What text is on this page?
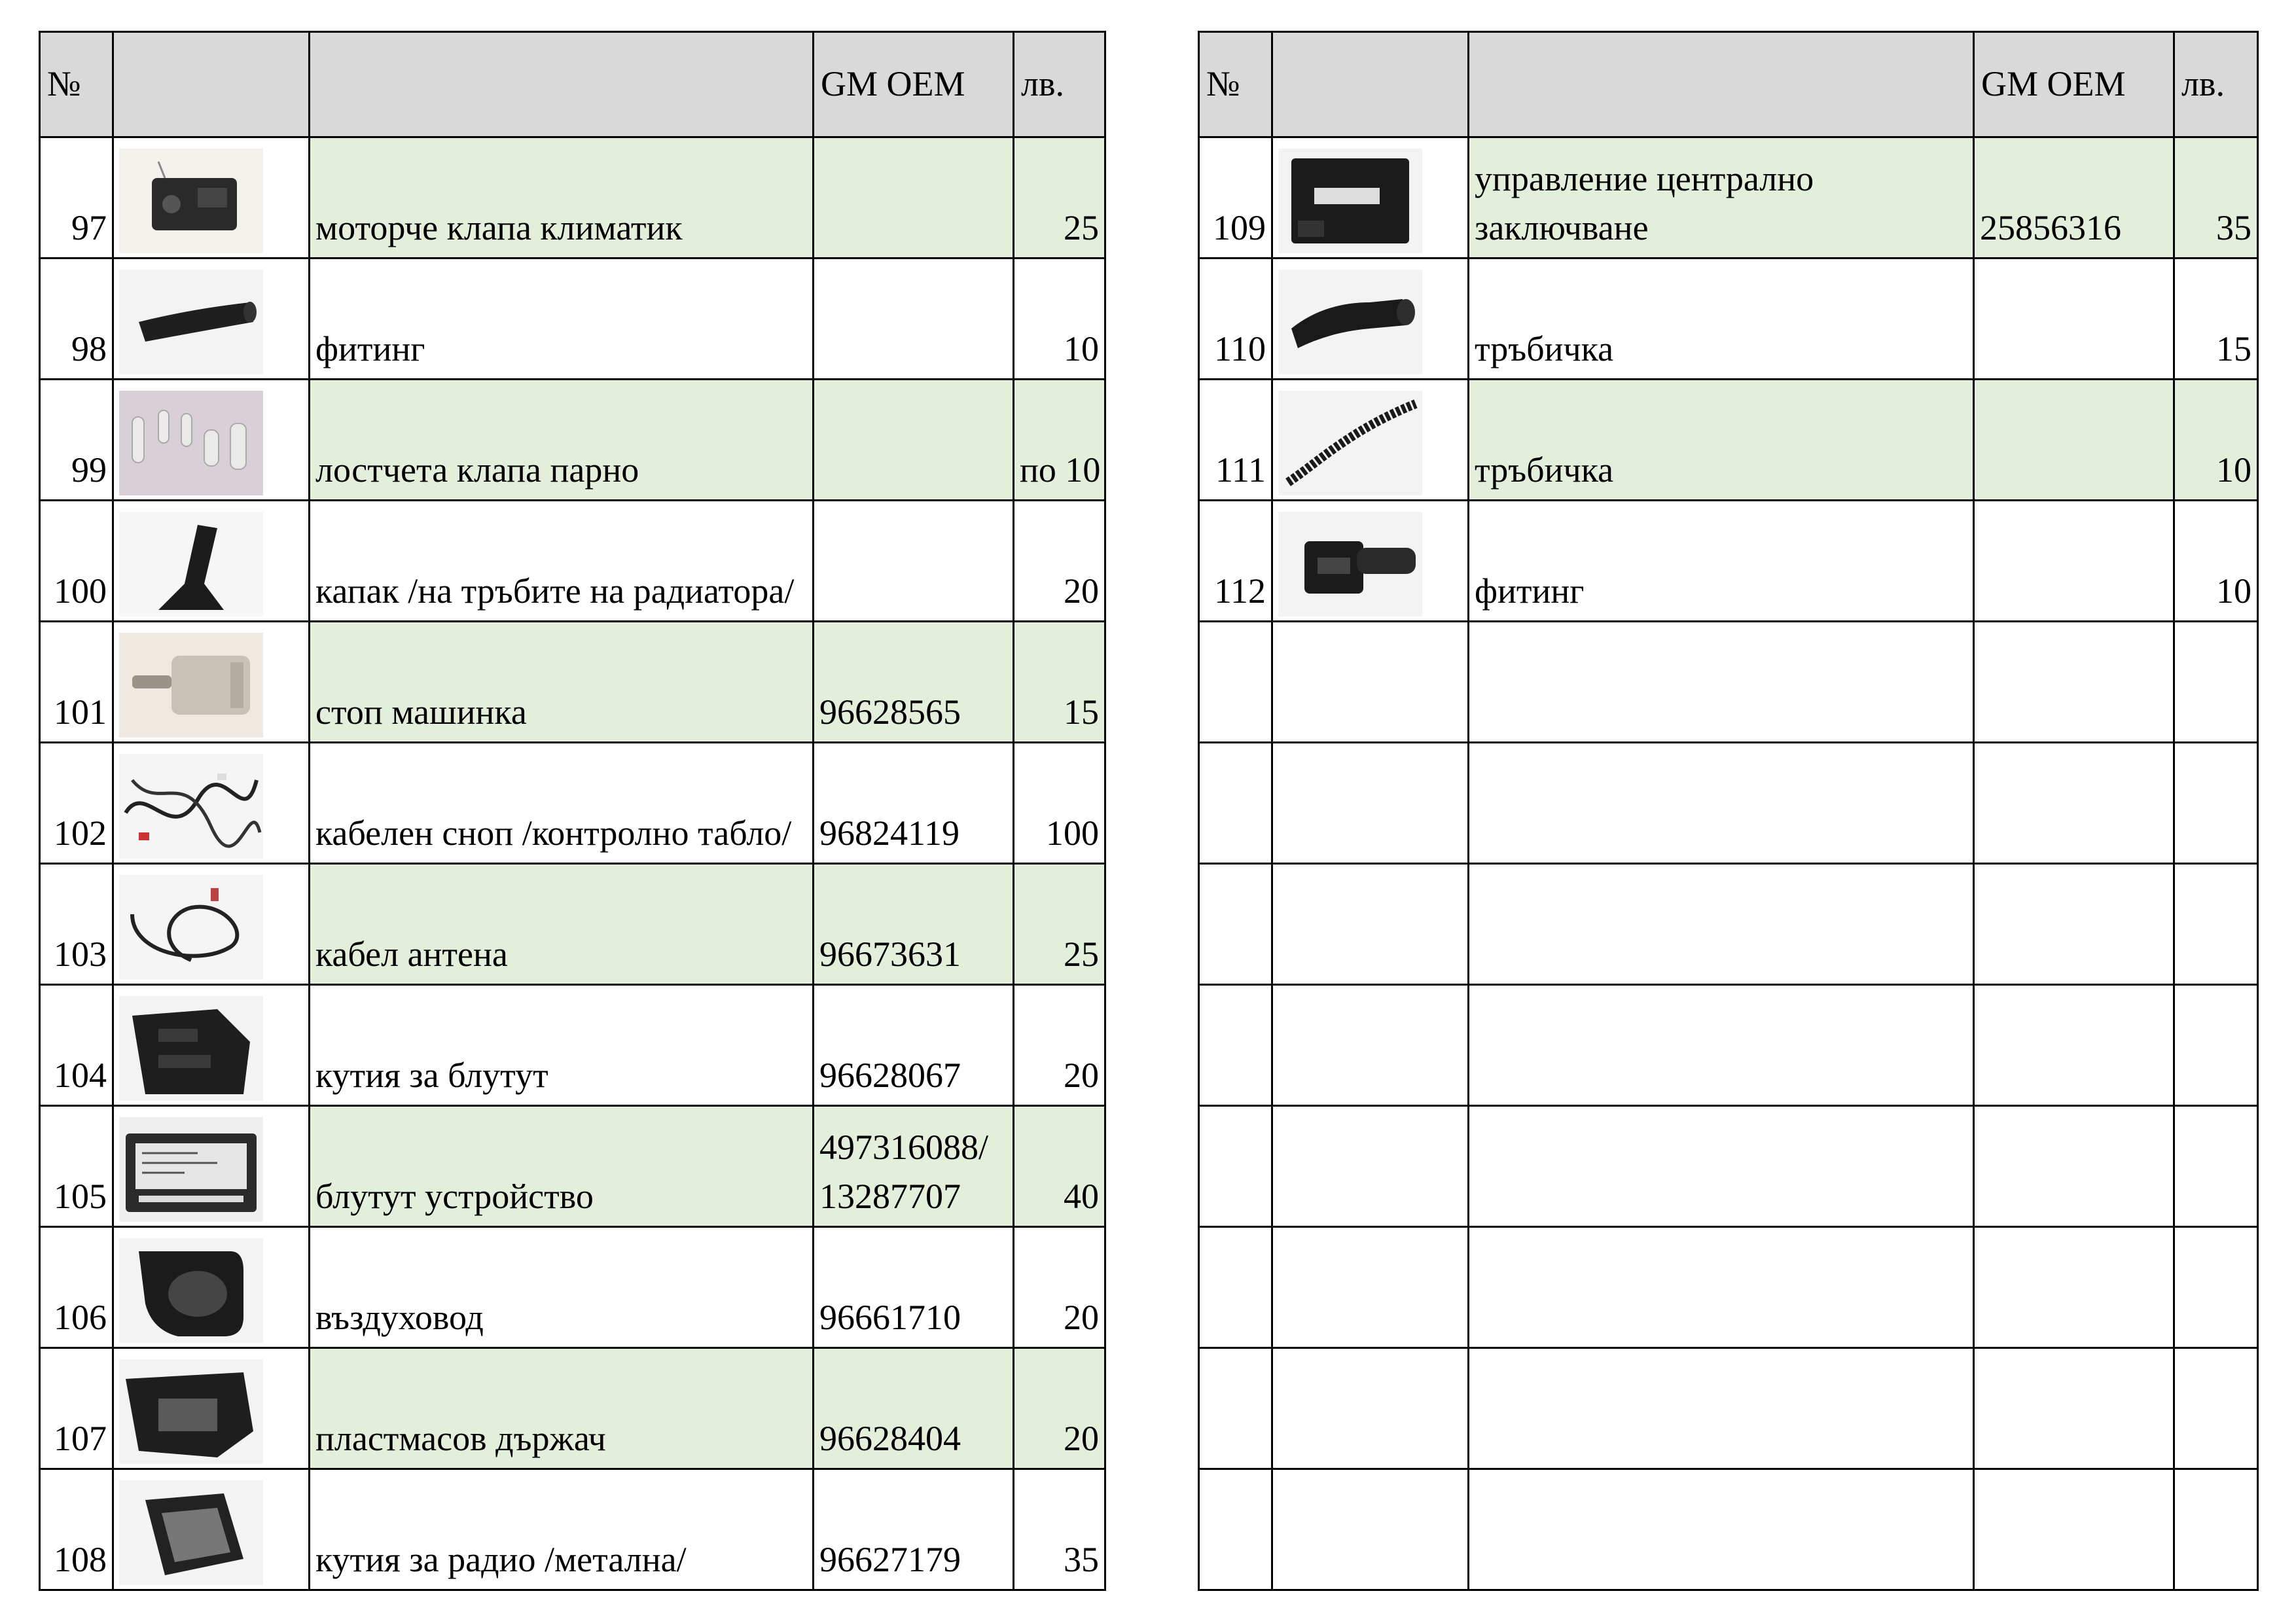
№			GM OEM	лв.
97		моторче клапа климатик		25
98		фитинг		10
99		лостчета клапа парно		по 10
100		капак /на тръбите на радиатора/		20
101		стоп машинка	96628565	15
102		кабелен сноп /контролно табло/	96824119	100
103		кабел антена	96673631	25
104		кутия за блутут	96628067	20
105		блутут устройство	497316088/ 13287707	40
106		въздуховод	96661710	20
107		пластмасов държач	96628404	20
108		кутия за радио /метална/	96627179	35
№			GM OEM	лв.
109		управление централно заключване	25856316	35
110		тръбичка		15
111		тръбичка		10
112		фитинг		10
